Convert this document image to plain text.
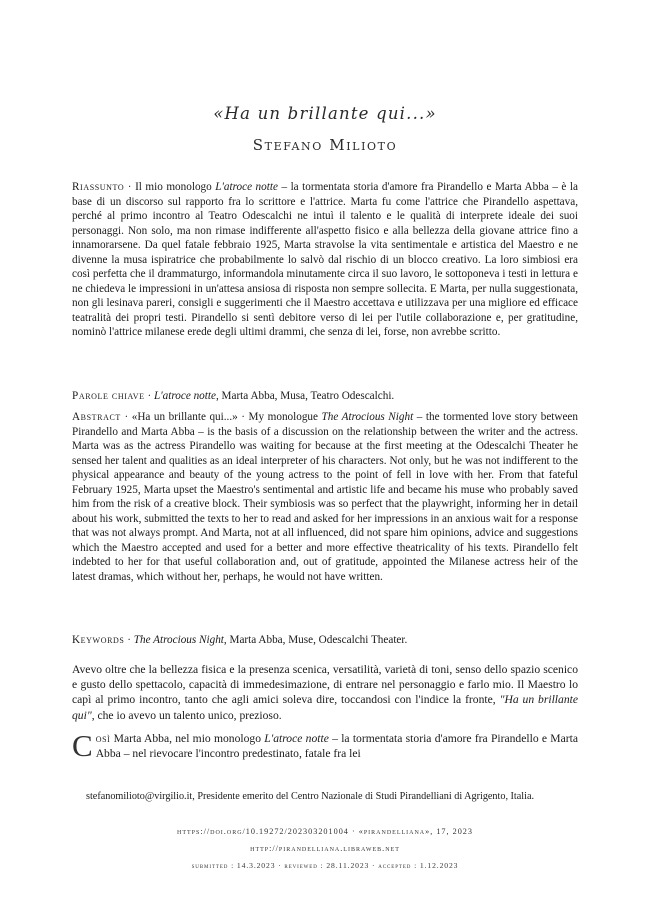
«Ha un brillante qui...»
Stefano Milioto

Riassunto · Il mio monologo L'atroce notte – la tormentata storia d'amore fra Pirandello e Marta Abba – è la base di un discorso sul rapporto fra lo scrittore e l'attrice. Marta fu come l'attrice che Pirandello aspettava, perché al primo incontro al Teatro Odescalchi ne intuì il talento e le qualità di interprete ideale dei suoi personaggi. Non solo, ma non rimase indifferente all'aspetto fisico e alla bellezza della giovane attrice fino a innamorarsene. Da quel fatale febbraio 1925, Marta stravolse la vita sentimentale e artistica del Maestro e ne divenne la musa ispiratrice che probabilmente lo salvò dal rischio di un blocco creativo. La loro simbiosi era così perfetta che il drammaturgo, informandola minutamente circa il suo lavoro, le sottoponeva i testi in lettura e ne chiedeva le impressioni in un'attesa ansiosa di risposta non sempre sollecita. E Marta, per nulla suggestionata, non gli lesinava pareri, consigli e suggerimenti che il Maestro accettava e utilizzava per una migliore ed efficace teatralità dei propri testi. Pirandello si sentì debitore verso di lei per l'utile collaborazione e, per gratitudine, nominò l'attrice milanese erede degli ultimi drammi, che senza di lei, forse, non avrebbe scritto.

Parole chiave · L'atroce notte, Marta Abba, Musa, Teatro Odescalchi.

Abstract · «Ha un brillante qui...» · My monologue The Atrocious Night – the tormented love story between Pirandello and Marta Abba – is the basis of a discussion on the relationship between the writer and the actress. Marta was as the actress Pirandello was waiting for because at the first meeting at the Odescalchi Theater he sensed her talent and qualities as an ideal interpreter of his characters. Not only, but he was not indifferent to the physical appearance and beauty of the young actress to the point of fell in love with her. From that fateful February 1925, Marta upset the Maestro's sentimental and artistic life and became his muse who probably saved him from the risk of a creative block. Their symbiosis was so perfect that the playwright, informing her in detail about his work, submitted the texts to her to read and asked for her impressions in an anxious wait for a response that was not always prompt. And Marta, not at all influenced, did not spare him opinions, advice and suggestions which the Maestro accepted and used for a better and more effective theatricality of his texts. Pirandello felt indebted to her for that useful collaboration and, out of gratitude, appointed the Milanese actress heir of the latest dramas, which without her, perhaps, he would not have written.

Keywords · The Atrocious Night, Marta Abba, Muse, Odescalchi Theater.

Avevo oltre che la bellezza fisica e la presenza scenica, versatilità, varietà di toni, senso dello spazio scenico e gusto dello spettacolo, capacità di immedesimazione, di entrare nel personaggio e farlo mio. Il Maestro lo capì al primo incontro, tanto che agli amici soleva dire, toccandosi con l'indice la fronte, "Ha un brillante qui", che io avevo un talento unico, prezioso.

Così Marta Abba, nel mio monologo L'atroce notte – la tormentata storia d'amore fra Pirandello e Marta Abba – nel rievocare l'incontro predestinato, fatale fra lei

stefanomilioto@virgilio.it, Presidente emerito del Centro Nazionale di Studi Pirandelliani di Agrigento, Italia.
https://doi.org/10.19272/202303201004 · «pirandelliana», 17, 2023
http://pirandelliana.libraweb.net
submitted : 14.3.2023 · reviewed : 28.11.2023 · accepted : 1.12.2023
